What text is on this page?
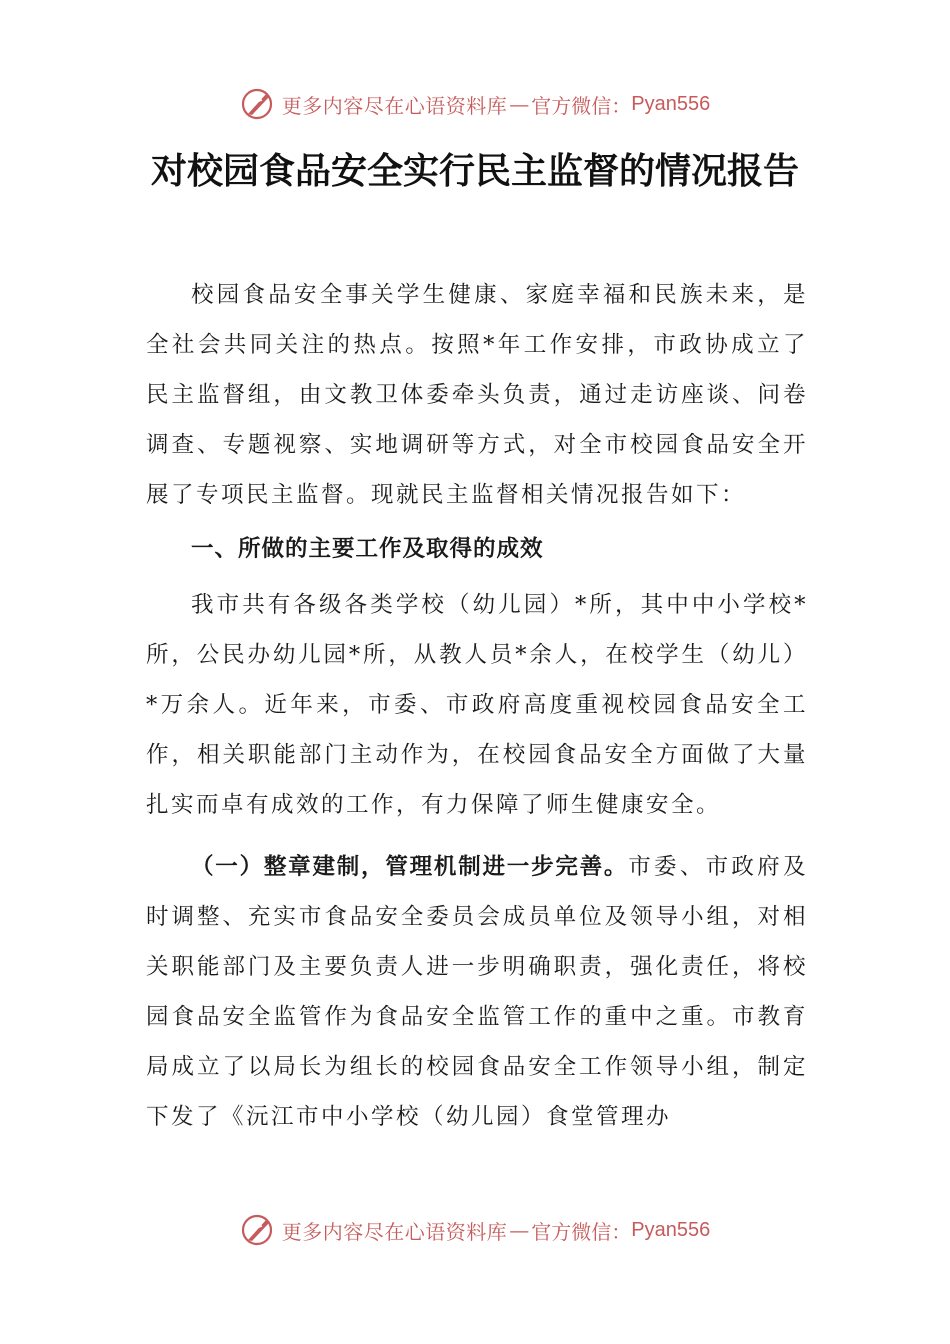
更多内容尽在心语资料库 — 官方微信： Pyan556
对校园食品安全实行民主监督的情况报告

校园食品安全事关学生健康、家庭幸福和民族未来，是全社会共同关注的热点。按照*年工作安排，市政协成立了民主监督组，由文教卫体委牵头负责，通过走访座谈、问卷调查、专题视察、实地调研等方式，对全市校园食品安全开展了专项民主监督。现就民主监督相关情况报告如下：

一、所做的主要工作及取得的成效

我市共有各级各类学校（幼儿园）*所，其中中小学校*所，公民办幼儿园*所，从教人员*余人，在校学生（幼儿）*万余人。近年来，市委、市政府高度重视校园食品安全工作，相关职能部门主动作为，在校园食品安全方面做了大量扎实而卓有成效的工作，有力保障了师生健康安全。

（一）整章建制，管理机制进一步完善。市委、市政府及时调整、充实市食品安全委员会成员单位及领导小组，对相关职能部门及主要负责人进一步明确职责，强化责任，将校园食品安全监管作为食品安全监管工作的重中之重。市教育局成立了以局长为组长的校园食品安全工作领导小组，制定下发了《沅江市中小学校（幼儿园）食堂管理办

更多内容尽在心语资料库 — 官方微信： Pyan556
